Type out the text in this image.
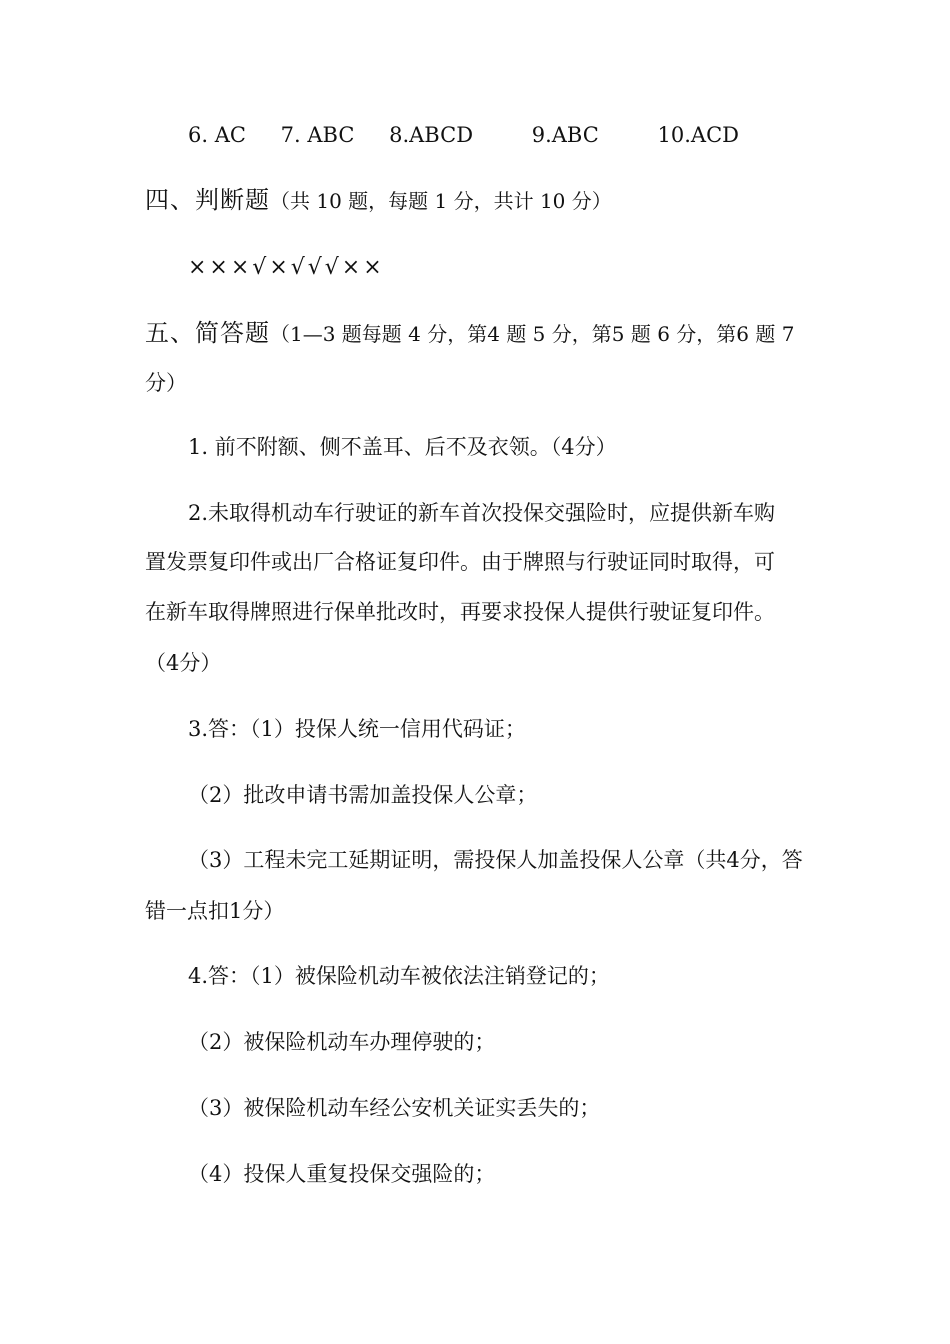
6. AC 7. ABC 8.ABCD	9.ABC	10.ACD
四、判断题（共 10 题，每题 1 分，共计 10 分）
×××√×√√√××
五、简答题（1—3 题每题 4 分，第4 题 5 分，第5 题 6 分，第6 题 7
分）
1. 前不附额、侧不盖耳、后不及衣领。（4分）
2.未取得机动车行驶证的新车首次投保交强险时，应提供新车购
置发票复印件或出厂合格证复印件。由于牌照与行驶证同时取得，可
在新车取得牌照进行保单批改时，再要求投保人提供行驶证复印件。
（4分）
3.答：（1）投保人统一信用代码证；
（2）批改申请书需加盖投保人公章；
（3）工程未完工延期证明，需投保人加盖投保人公章（共4分，答
错一点扣1分）
4.答：（1）被保险机动车被依法注销登记的；
（2）被保险机动车办理停驶的；
（3）被保险机动车经公安机关证实丢失的；
（4）投保人重复投保交强险的；
